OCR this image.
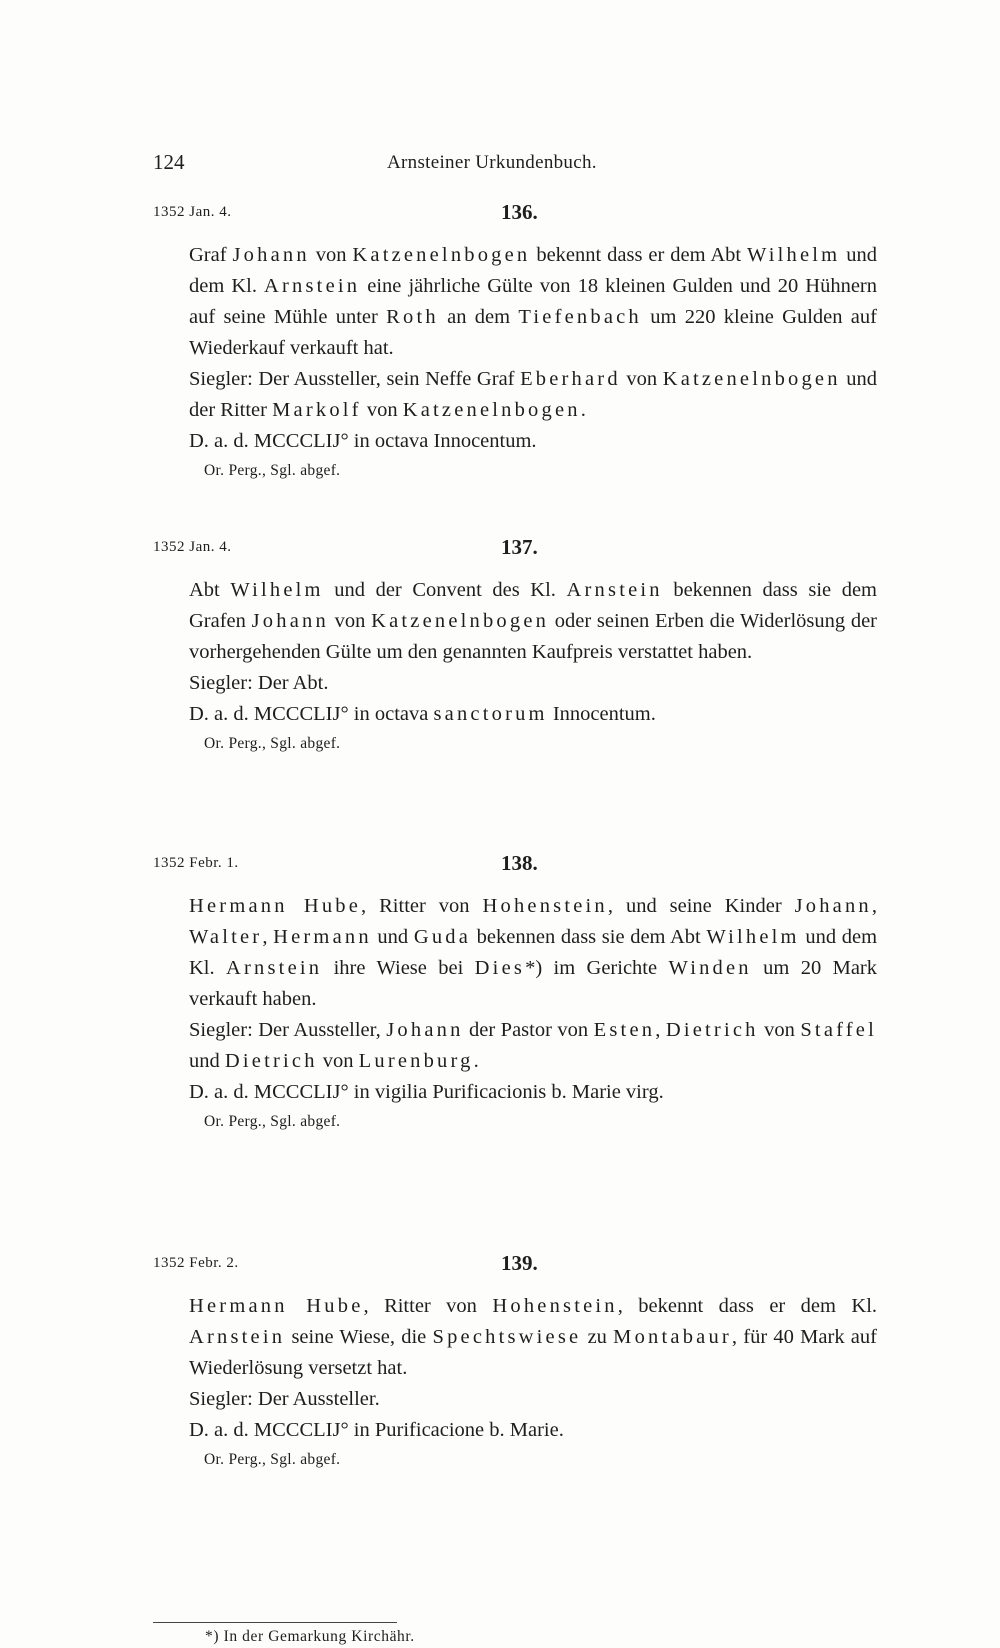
124	Arnsteiner Urkundenbuch.
1352 Jan. 4.	136.

Graf Johann von Katzenelnbogen bekennt dass er dem Abt Wilhelm und dem Kl. Arnstein eine jährliche Gülte von 18 kleinen Gulden und 20 Hühnern auf seine Mühle unter Roth an dem Tiefenbach um 220 kleine Gulden auf Wiederkauf verkauft hat.

Siegler: Der Aussteller, sein Neffe Graf Eberhard von Katzenelnbogen und der Ritter Markolf von Katzenelnbogen.

D. a. d. MCCCLIJ° in octava Innocentum.

Or. Perg., Sgl. abgef.

1352 Jan. 4.	137.

Abt Wilhelm und der Convent des Kl. Arnstein bekennen dass sie dem Grafen Johann von Katzenelnbogen oder seinen Erben die Widerlösung der vorhergehenden Gülte um den genannten Kaufpreis verstattet haben.

Siegler: Der Abt.

D. a. d. MCCCLIJ° in octava sanctorum Innocentum.

Or. Perg., Sgl. abgef.

1352 Febr. 1.	138.

Hermann Hube, Ritter von Hohenstein, und seine Kinder Johann, Walter, Hermann und Guda bekennen dass sie dem Abt Wilhelm und dem Kl. Arnstein ihre Wiese bei Dies*) im Gerichte Winden um 20 Mark verkauft haben.

Siegler: Der Aussteller, Johann der Pastor von Esten, Dietrich von Staffel und Dietrich von Lurenburg.

D. a. d. MCCCLIJ° in vigilia Purificacionis b. Marie virg.

Or. Perg., Sgl. abgef.

1352 Febr. 2.	139.

Hermann Hube, Ritter von Hohenstein, bekennt dass er dem Kl. Arnstein seine Wiese, die Spechtswiese zu Montabaur, für 40 Mark auf Wiederlösung versetzt hat.

Siegler: Der Aussteller.

D. a. d. MCCCLIJ° in Purificacione b. Marie.

Or. Perg., Sgl. abgef.

*) In der Gemarkung Kirchähr.
